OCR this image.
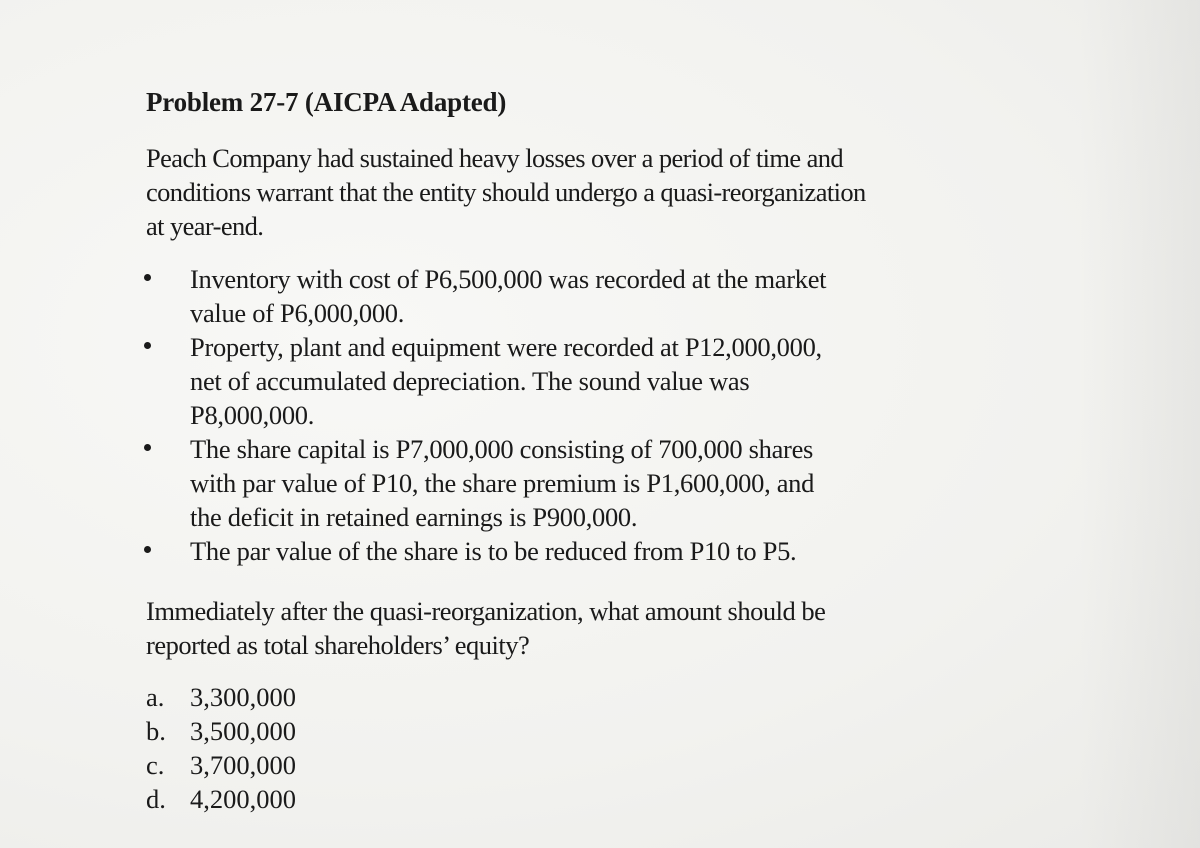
Problem 27-7 (AICPA Adapted)
Peach Company had sustained heavy losses over a period of time and
conditions warrant that the entity should undergo a quasi-reorganization
at year-end.
Inventory with cost of P6,500,000 was recorded at the market
value of P6,000,000.
Property, plant and equipment were recorded at P12,000,000,
net of accumulated depreciation. The sound value was
P8,000,000.
The share capital is P7,000,000 consisting of 700,000 shares
with par value of P10, the share premium is P1,600,000, and
the deficit in retained earnings is P900,000.
The par value of the share is to be reduced from P10 to P5.
Immediately after the quasi-reorganization, what amount should be
reported as total shareholders’ equity?
a. 3,300,000
b. 3,500,000
c. 3,700,000
d. 4,200,000
